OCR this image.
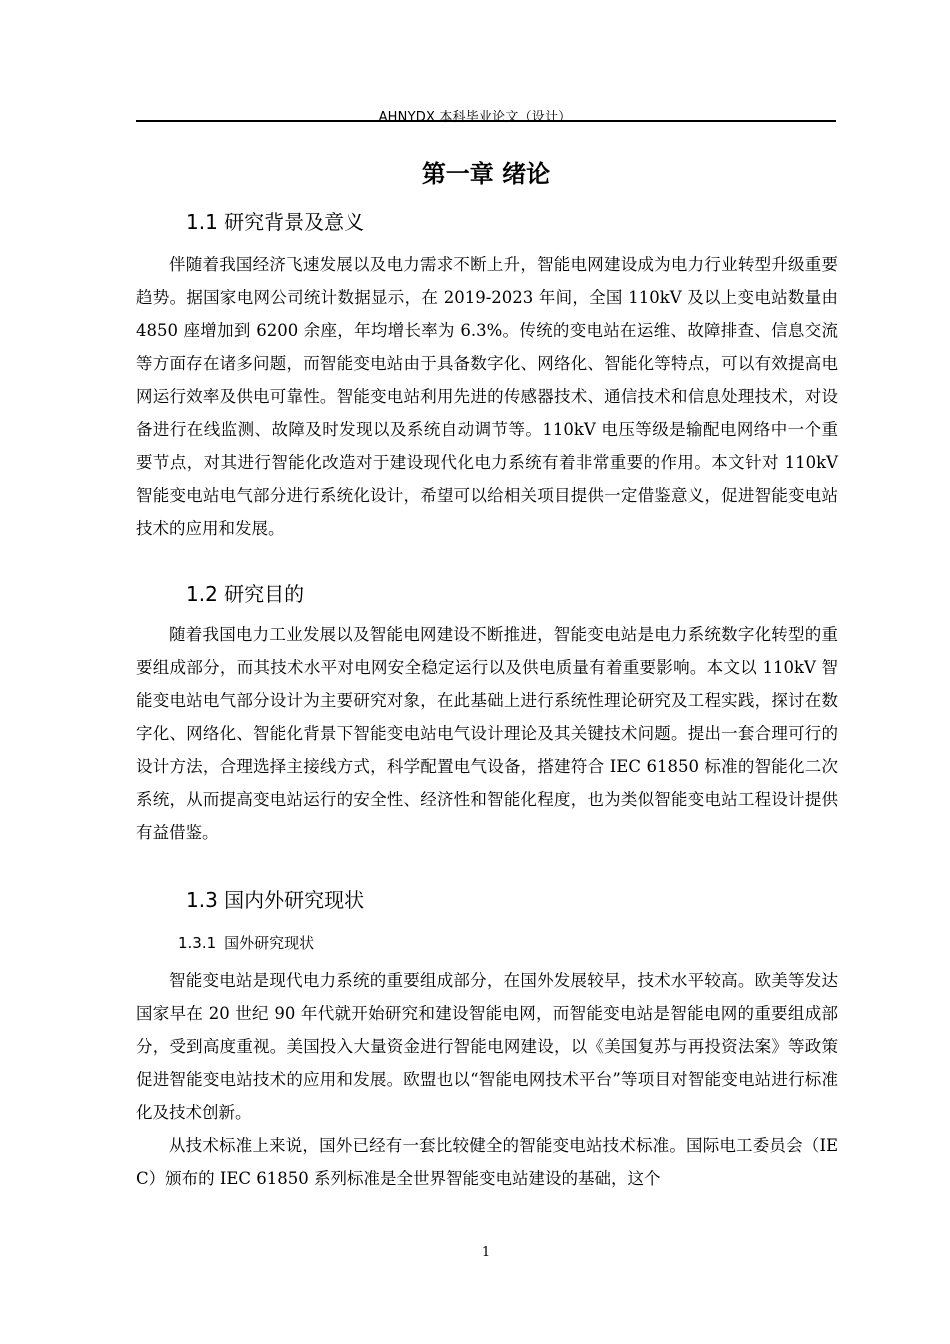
AHNYDX 本科毕业论文（设计）
第一章 绪论
1.1 研究背景及意义
伴随着我国经济飞速发展以及电力需求不断上升，智能电网建设成为电力行业转型升级重要趋势。据国家电网公司统计数据显示，在 2019-2023 年间，全国 110kV 及以上变电站数量由 4850 座增加到 6200 余座，年均增长率为 6.3%。传统的变电站在运维、故障排查、信息交流等方面存在诸多问题，而智能变电站由于具备数字化、网络化、智能化等特点，可以有效提高电网运行效率及供电可靠性。智能变电站利用先进的传感器技术、通信技术和信息处理技术，对设备进行在线监测、故障及时发现以及系统自动调节等。110kV 电压等级是输配电网络中一个重要节点，对其进行智能化改造对于建设现代化电力系统有着非常重要的作用。本文针对 110kV 智能变电站电气部分进行系统化设计，希望可以给相关项目提供一定借鉴意义，促进智能变电站技术的应用和发展。
1.2 研究目的
随着我国电力工业发展以及智能电网建设不断推进，智能变电站是电力系统数字化转型的重要组成部分，而其技术水平对电网安全稳定运行以及供电质量有着重要影响。本文以 110kV 智能变电站电气部分设计为主要研究对象，在此基础上进行系统性理论研究及工程实践，探讨在数字化、网络化、智能化背景下智能变电站电气设计理论及其关键技术问题。提出一套合理可行的设计方法，合理选择主接线方式，科学配置电气设备，搭建符合 IEC 61850 标准的智能化二次系统，从而提高变电站运行的安全性、经济性和智能化程度，也为类似智能变电站工程设计提供有益借鉴。
1.3 国内外研究现状
1.3.1 国外研究现状
智能变电站是现代电力系统的重要组成部分，在国外发展较早，技术水平较高。欧美等发达国家早在 20 世纪 90 年代就开始研究和建设智能电网，而智能变电站是智能电网的重要组成部分，受到高度重视。美国投入大量资金进行智能电网建设，以《美国复苏与再投资法案》等政策促进智能变电站技术的应用和发展。欧盟也以“智能电网技术平台”等项目对智能变电站进行标准化及技术创新。
从技术标准上来说，国外已经有一套比较健全的智能变电站技术标准。国际电工委员会（IEC）颁布的 IEC 61850 系列标准是全世界智能变电站建设的基础，这个
1
